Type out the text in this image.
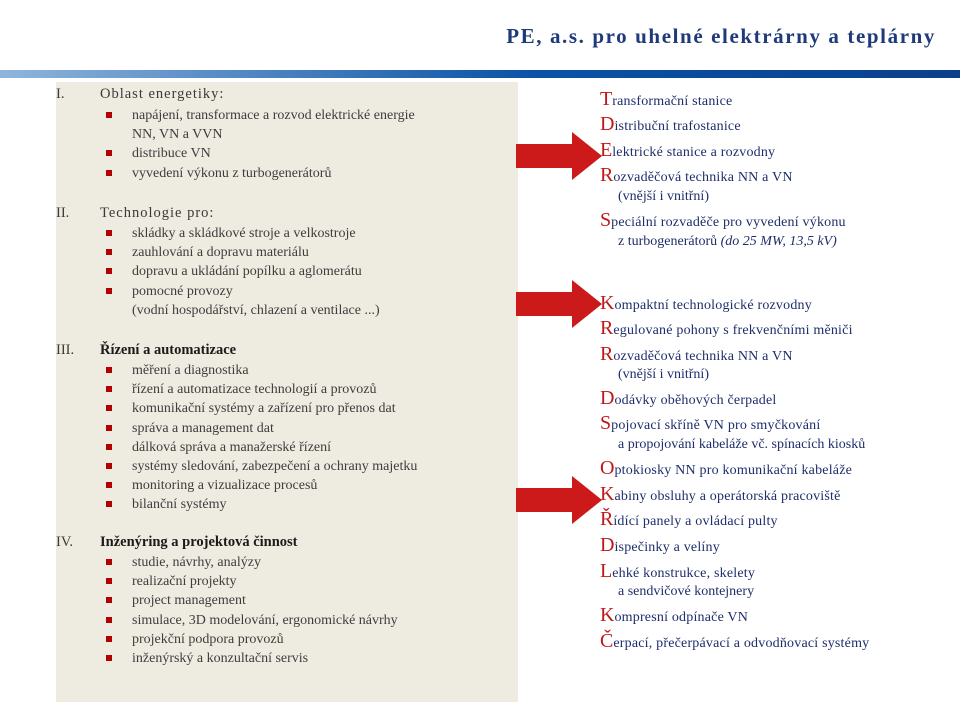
PE, a.s. pro uhelné elektrárny a teplárny
I. Oblast energetiky:
napájení, transformace a rozvod elektrické energie
NN, VN a VVN
distribuce VN
vyvedení výkonu z turbogenerátorů
II. Technologie pro:
skládky a skládkové stroje a velkostroje
zauhlování a dopravu materiálu
dopravu a ukládání popílku a aglomerátu
pomocné provozy
(vodní hospodářství, chlazení a ventilace ...)
III. Řízení a automatizace
měření a diagnostika
řízení a automatizace technologií a provozů
komunikační systémy a zařízení pro přenos dat
správa a management dat
dálková správa a manažerské řízení
systémy sledování, zabezpečení a ochrany majetku
monitoring a vizualizace procesů
bilanční systémy
IV. Inženýring a projektová činnost
studie, návrhy, analýzy
realizační projekty
project management
simulace, 3D modelování, ergonomické návrhy
projekční podpora provozů
inženýrský a konzultační servis
Transformační stanice
Distribuční trafostanice
Elektrické stanice a rozvodny
Rozvaděčová technika NN a VN
(vnější i vnitřní)
Speciální rozvaděče pro vyvedení výkonu
z turbogenerátorů (do 25 MW, 13,5 kV)
Kompaktní technologické rozvodny
Regulované pohony s frekvenčními měniči
Rozvaděčová technika NN a VN
(vnější i vnitřní)
Dodávky oběhových čerpadel
Spojovací skříně VN pro smyčkování
a propojování kabeláže vč. spínacích kiosků
Optokiosky NN pro komunikační kabeláže
Kabiny obsluhy a operátorská pracoviště
Řídící panely a ovládací pulty
Dispečinky a velíny
Lehké konstrukce, skelety
a sendvičové kontejnery
Kompresní odpínače VN
Čerpací, přečerpávací a odvodňovací systémy
